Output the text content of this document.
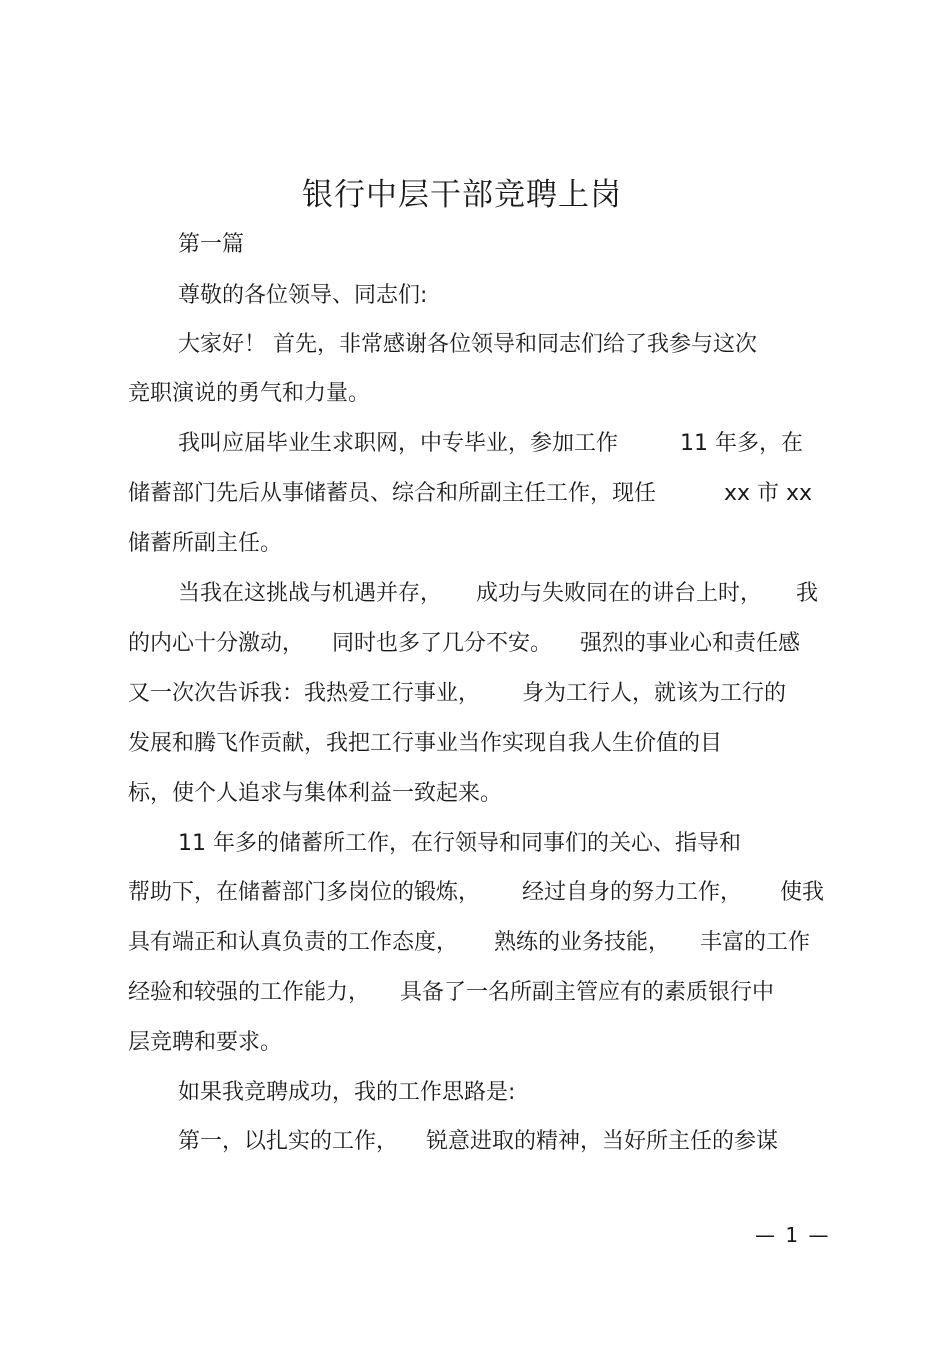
银行中层干部竞聘上岗
第一篇
尊敬的各位领导、同志们:
大家好！ 首先，非常感谢各位领导和同志们给了我参与这次
竞职演说的勇气和力量。
我叫应届毕业生求职网，中专毕业，参加工作	11 年多，在
储蓄部门先后从事储蓄员、综合和所副主任工作，现任	xx 市 xx
储蓄所副主任。
当我在这挑战与机遇并存， 成功与失败同在的讲台上时， 我
的内心十分激动， 同时也多了几分不安。 强烈的事业心和责任感
又一次次告诉我：我热爱工行事业， 身为工行人，就该为工行的
发展和腾飞作贡献，我把工行事业当作实现自我人生价值的目
标，使个人追求与集体利益一致起来。
11 年多的储蓄所工作，在行领导和同事们的关心、指导和
帮助下，在储蓄部门多岗位的锻炼， 经过自身的努力工作， 使我
具有端正和认真负责的工作态度， 熟练的业务技能， 丰富的工作
经验和较强的工作能力， 具备了一名所副主管应有的素质银行中
层竞聘和要求。
如果我竞聘成功，我的工作思路是:
第一，以扎实的工作， 锐意进取的精神，当好所主任的参谋
— 1 —
